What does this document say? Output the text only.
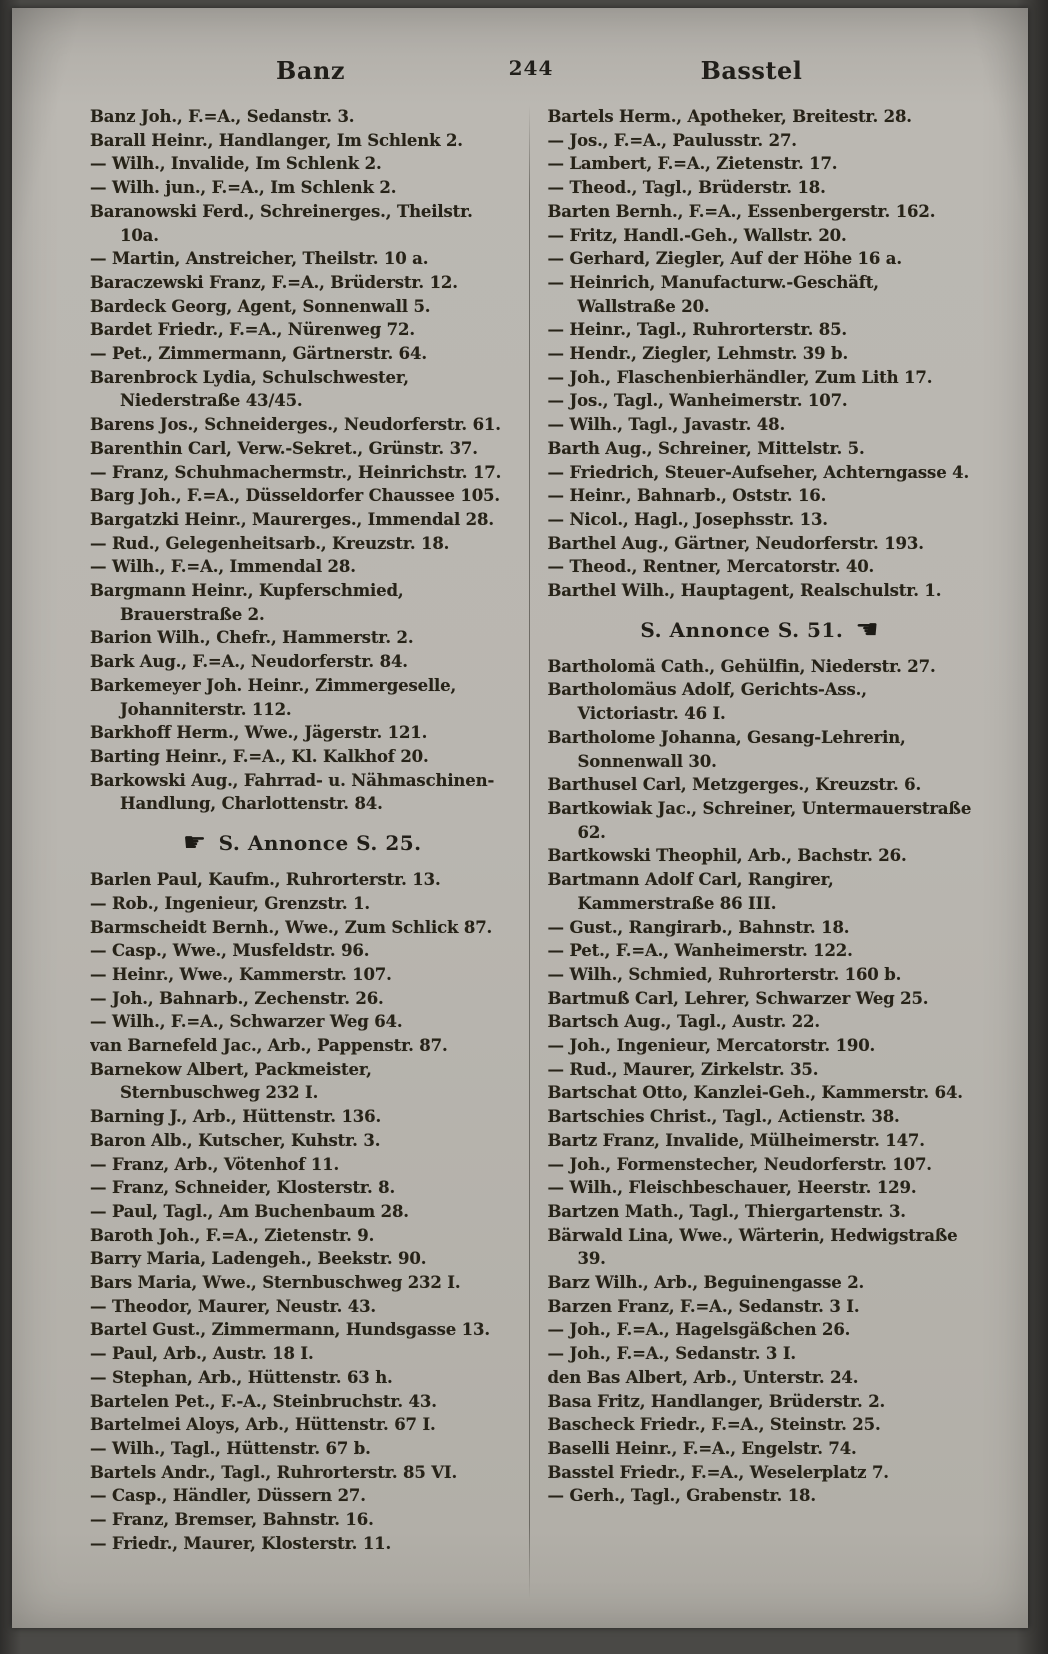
Banz	244	Basstel
Banz Joh., F.=A., Sedanstr. 3.
Barall Heinr., Handlanger, Im Schlenk 2.
— Wilh., Invalide, Im Schlenk 2.
— Wilh. jun., F.=A., Im Schlenk 2.
Baranowski Ferd., Schreinerges., Theilstr. 10a.
— Martin, Anstreicher, Theilstr. 10 a.
Baraczewski Franz, F.=A., Brüderstr. 12.
Bardeck Georg, Agent, Sonnenwall 5.
Bardet Friedr., F.=A., Nürenweg 72.
— Pet., Zimmermann, Gärtnerstr. 64.
Barenbrock Lydia, Schulschwester, Niederstraße 43/45.
Barens Jos., Schneiderges., Neudorferstr. 61.
Barenthin Carl, Verw.-Sekret., Grünstr. 37.
— Franz, Schuhmachermstr., Heinrichstr. 17.
Barg Joh., F.=A., Düsseldorfer Chaussee 105.
Bargatzki Heinr., Maurerges., Immendal 28.
— Rud., Gelegenheitsarb., Kreuzstr. 18.
— Wilh., F.=A., Immendal 28.
Bargmann Heinr., Kupferschmied, Brauerstraße 2.
Barion Wilh., Chefr., Hammerstr. 2.
Bark Aug., F.=A., Neudorferstr. 84.
Barkemeyer Joh. Heinr., Zimmergeselle, Johanniterstr. 112.
Barkhoff Herm., Wwe., Jägerstr. 121.
Barting Heinr., F.=A., Kl. Kalkhof 20.
Barkowski Aug., Fahrrad- u. Nähmaschinen-Handlung, Charlottenstr. 84.
☛ S. Annonce S. 25.
Barlen Paul, Kaufm., Ruhrorterstr. 13.
— Rob., Ingenieur, Grenzstr. 1.
Barmscheidt Bernh., Wwe., Zum Schlick 87.
— Casp., Wwe., Musfeldstr. 96.
— Heinr., Wwe., Kammerstr. 107.
— Joh., Bahnarb., Zechenstr. 26.
— Wilh., F.=A., Schwarzer Weg 64.
van Barnefeld Jac., Arb., Pappenstr. 87.
Barnekow Albert, Packmeister, Sternbuschweg 232 I.
Barning J., Arb., Hüttenstr. 136.
Baron Alb., Kutscher, Kuhstr. 3.
— Franz, Arb., Vötenhof 11.
— Franz, Schneider, Klosterstr. 8.
— Paul, Tagl., Am Buchenbaum 28.
Baroth Joh., F.=A., Zietenstr. 9.
Barry Maria, Ladengeh., Beekstr. 90.
Bars Maria, Wwe., Sternbuschweg 232 I.
— Theodor, Maurer, Neustr. 43.
Bartel Gust., Zimmermann, Hundsgasse 13.
— Paul, Arb., Austr. 18 I.
— Stephan, Arb., Hüttenstr. 63 h.
Bartelen Pet., F.-A., Steinbruchstr. 43.
Bartelmei Aloys, Arb., Hüttenstr. 67 I.
— Wilh., Tagl., Hüttenstr. 67 b.
Bartels Andr., Tagl., Ruhrorterstr. 85 VI.
— Casp., Händler, Düssern 27.
— Franz, Bremser, Bahnstr. 16.
— Friedr., Maurer, Klosterstr. 11.
Bartels Herm., Apotheker, Breitestr. 28.
— Jos., F.=A., Paulusstr. 27.
— Lambert, F.=A., Zietenstr. 17.
— Theod., Tagl., Brüderstr. 18.
Barten Bernh., F.=A., Essenbergerstr. 162.
— Fritz, Handl.-Geh., Wallstr. 20.
— Gerhard, Ziegler, Auf der Höhe 16 a.
— Heinrich, Manufacturw.-Geschäft, Wallstraße 20.
— Heinr., Tagl., Ruhrorterstr. 85.
— Hendr., Ziegler, Lehmstr. 39 b.
— Joh., Flaschenbierhändler, Zum Lith 17.
— Jos., Tagl., Wanheimerstr. 107.
— Wilh., Tagl., Javastr. 48.
Barth Aug., Schreiner, Mittelstr. 5.
— Friedrich, Steuer-Aufseher, Achterngasse 4.
— Heinr., Bahnarb., Oststr. 16.
— Nicol., Hagl., Josephsstr. 13.
Barthel Aug., Gärtner, Neudorferstr. 193.
— Theod., Rentner, Mercatorstr. 40.
Barthel Wilh., Hauptagent, Realschulstr. 1.
S. Annonce S. 51. ☚
Bartholomä Cath., Gehülfin, Niederstr. 27.
Bartholomäus Adolf, Gerichts-Ass., Victoriastr. 46 I.
Bartholome Johanna, Gesang-Lehrerin, Sonnenwall 30.
Barthusel Carl, Metzgerges., Kreuzstr. 6.
Bartkowiak Jac., Schreiner, Untermauerstraße 62.
Bartkowski Theophil, Arb., Bachstr. 26.
Bartmann Adolf Carl, Rangirer, Kammerstraße 86 III.
— Gust., Rangirarb., Bahnstr. 18.
— Pet., F.=A., Wanheimerstr. 122.
— Wilh., Schmied, Ruhrorterstr. 160 b.
Bartmuß Carl, Lehrer, Schwarzer Weg 25.
Bartsch Aug., Tagl., Austr. 22.
— Joh., Ingenieur, Mercatorstr. 190.
— Rud., Maurer, Zirkelstr. 35.
Bartschat Otto, Kanzlei-Geh., Kammerstr. 64.
Bartschies Christ., Tagl., Actienstr. 38.
Bartz Franz, Invalide, Mülheimerstr. 147.
— Joh., Formenstecher, Neudorferstr. 107.
— Wilh., Fleischbeschauer, Heerstr. 129.
Bartzen Math., Tagl., Thiergartenstr. 3.
Bärwald Lina, Wwe., Wärterin, Hedwigstraße 39.
Barz Wilh., Arb., Beguinengasse 2.
Barzen Franz, F.=A., Sedanstr. 3 I.
— Joh., F.=A., Hagelsgäßchen 26.
— Joh., F.=A., Sedanstr. 3 I.
den Bas Albert, Arb., Unterstr. 24.
Basa Fritz, Handlanger, Brüderstr. 2.
Bascheck Friedr., F.=A., Steinstr. 25.
Baselli Heinr., F.=A., Engelstr. 74.
Basstel Friedr., F.=A., Weselerplatz 7.
— Gerh., Tagl., Grabenstr. 18.
